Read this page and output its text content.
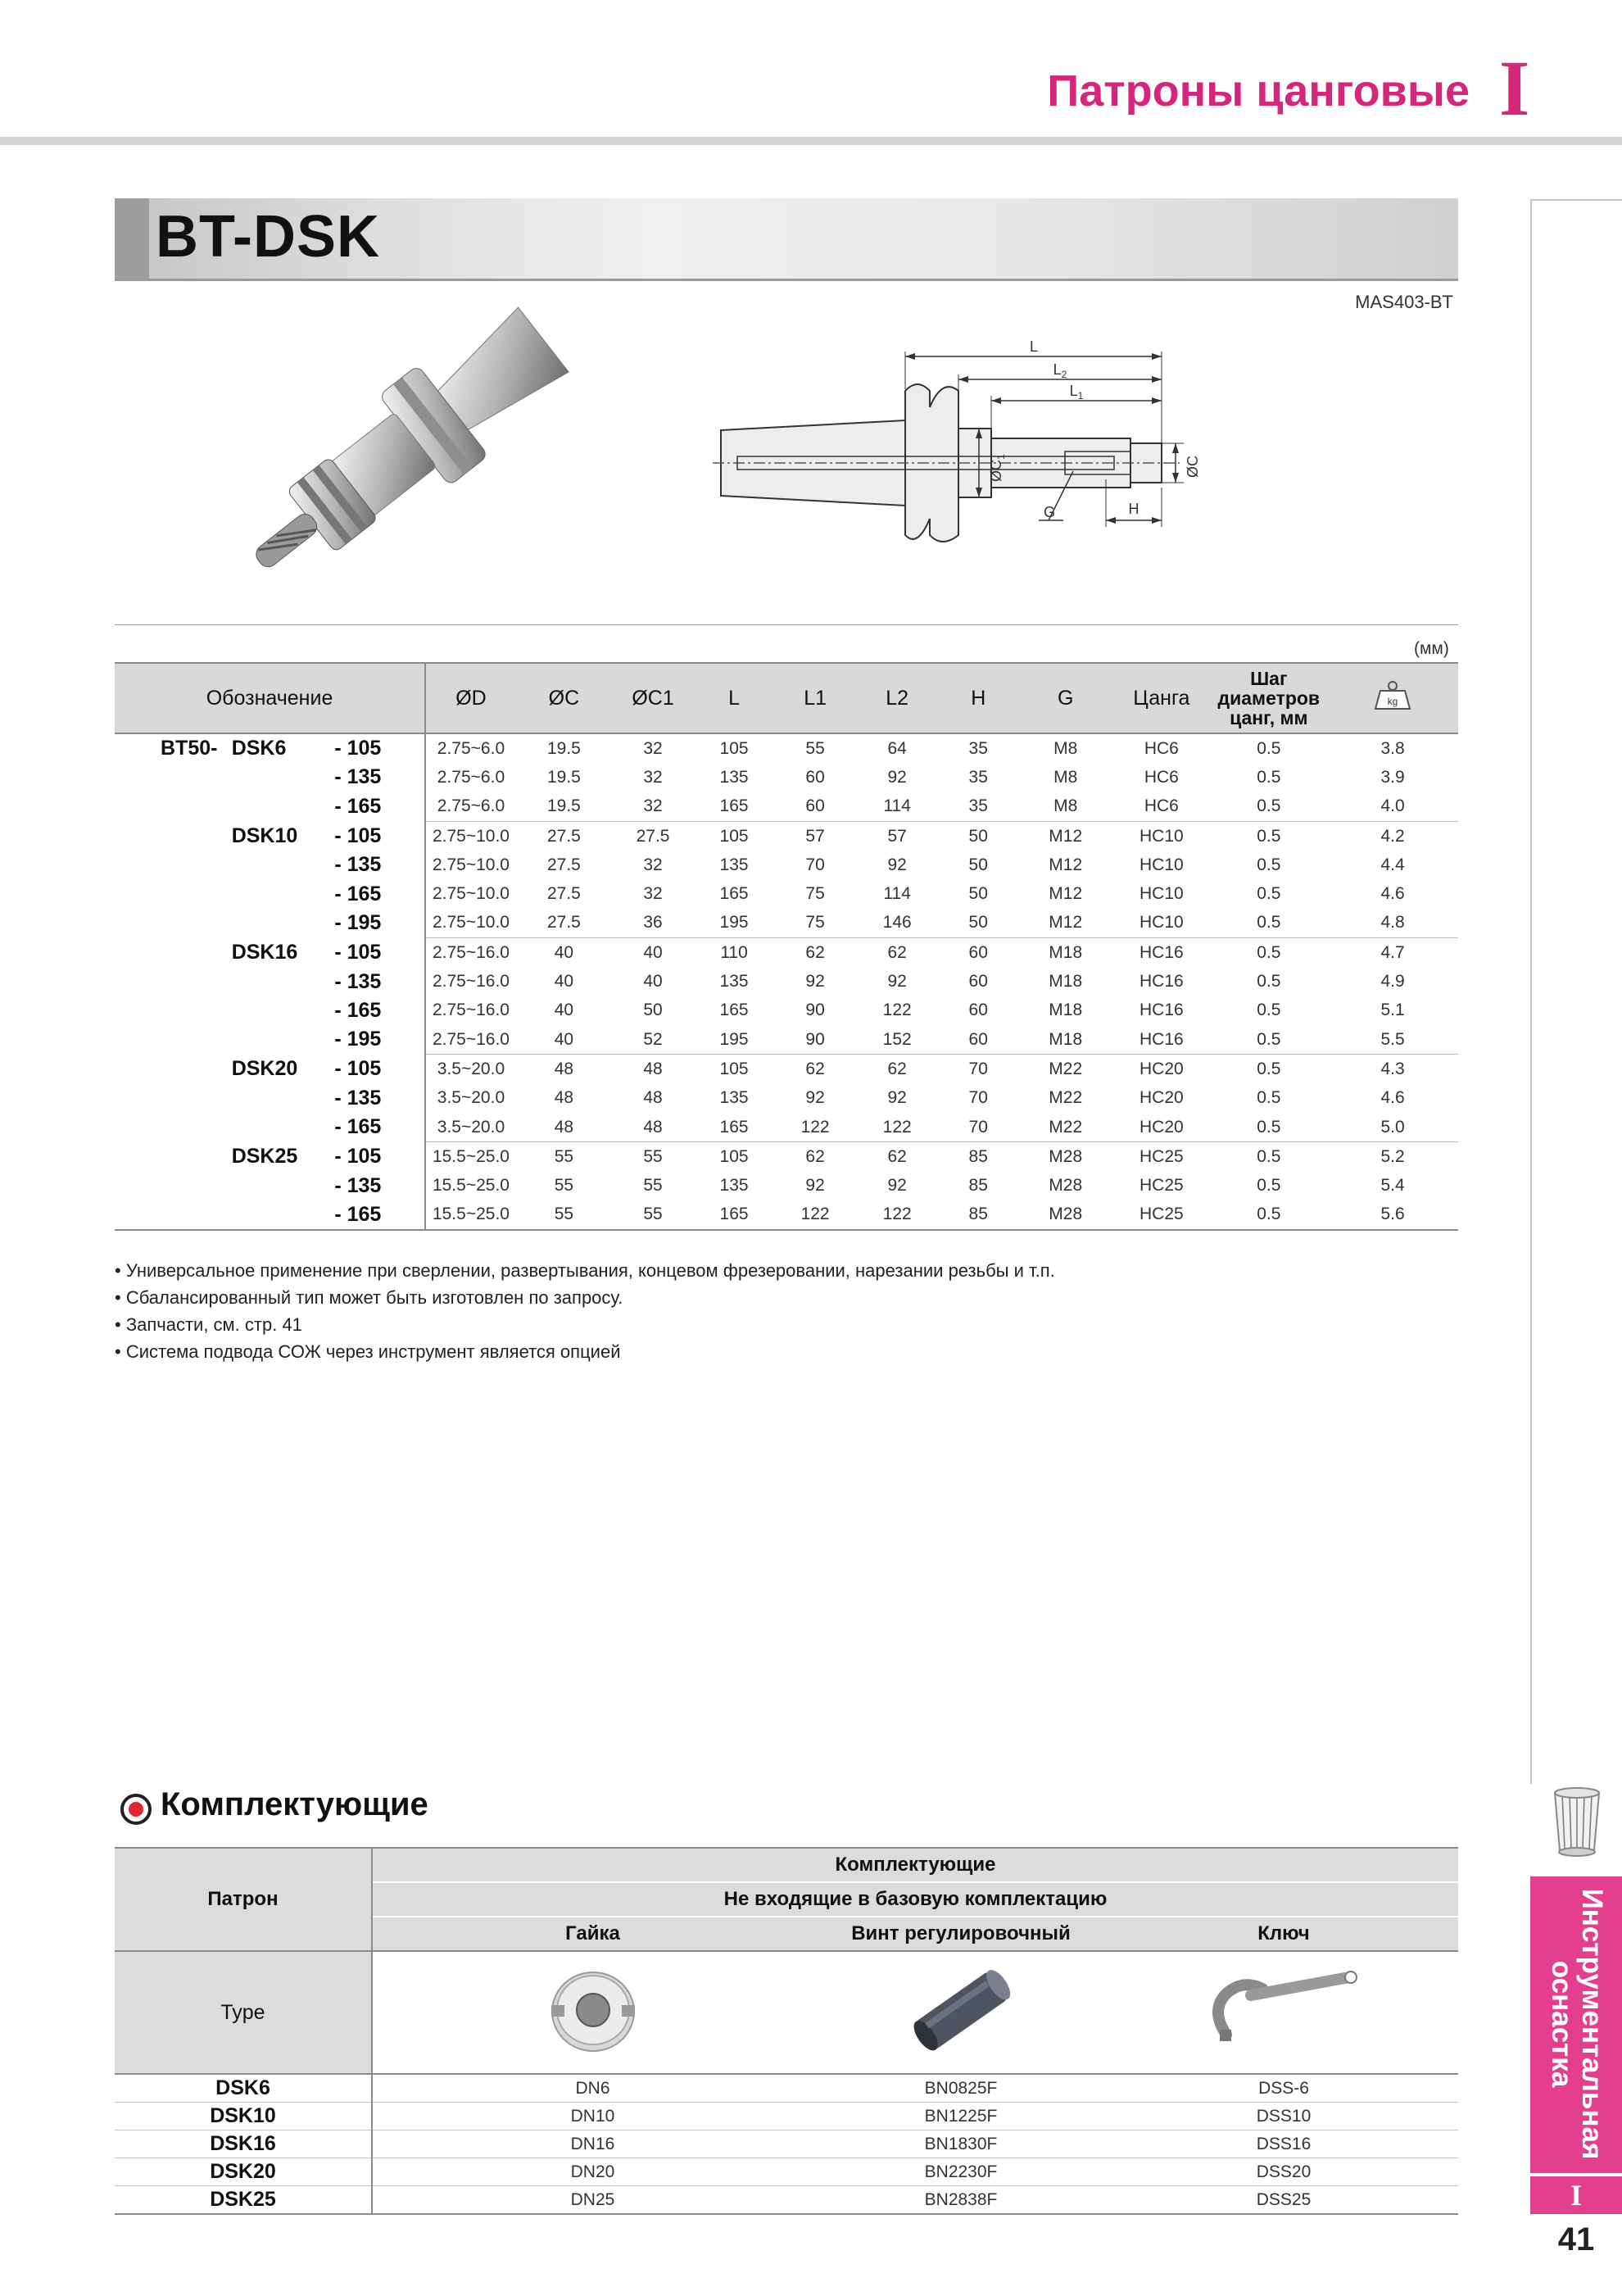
Патроны цанговые I
Инструментальная
оснастка
I
41
BT-DSK
MAS403-BT
L
$L_2$
$L_1$
$ØC_1$	ØC
G	H
(мм)
Обозначение			ØD	ØC	ØC1	L	L1	L2	H	G	Цанга	Шаг
диаметров
цанг, мм	kg

BT50-	DSK6	- 105	2.75~6.0	19.5	32	105	55	64	35	M8	HC6	0.5	3.8
		- 135	2.75~6.0	19.5	32	135	60	92	35	M8	HC6	0.5	3.9
		- 165	2.75~6.0	19.5	32	165	60	114	35	M8	HC6	0.5	4.0
	DSK10	- 105	2.75~10.0	27.5	27.5	105	57	57	50	M12	HC10	0.5	4.2
		- 135	2.75~10.0	27.5	32	135	70	92	50	M12	HC10	0.5	4.4
		- 165	2.75~10.0	27.5	32	165	75	114	50	M12	HC10	0.5	4.6
		- 195	2.75~10.0	27.5	36	195	75	146	50	M12	HC10	0.5	4.8
	DSK16	- 105	2.75~16.0	40	40	110	62	62	60	M18	HC16	0.5	4.7
		- 135	2.75~16.0	40	40	135	92	92	60	M18	HC16	0.5	4.9
		- 165	2.75~16.0	40	50	165	90	122	60	M18	HC16	0.5	5.1
		- 195	2.75~16.0	40	52	195	90	152	60	M18	HC16	0.5	5.5
	DSK20	- 105	3.5~20.0	48	48	105	62	62	70	M22	HC20	0.5	4.3
		- 135	3.5~20.0	48	48	135	92	92	70	M22	HC20	0.5	4.6
		- 165	3.5~20.0	48	48	165	122	122	70	M22	HC20	0.5	5.0
	DSK25	- 105	15.5~25.0	55	55	105	62	62	85	M28	HC25	0.5	5.2
		- 135	15.5~25.0	55	55	135	92	92	85	M28	HC25	0.5	5.4
		- 165	15.5~25.0	55	55	165	122	122	85	M28	HC25	0.5	5.6
• Универсальное применение при сверлении, развертывания, концевом фрезеровании, нарезании резьбы и т.п.
• Сбалансированный тип может быть изготовлен по запросу.
• Запчасти, см. стр. 41
• Система подвода СОЖ через инструмент является опцией
Комплектующие
Патрон	Комплектующие		
	Не входящие в базовую комплектацию		
	Гайка	Винт регулировочный	Ключ
Type			
DSK6	DN6	BN0825F	DSS-6
DSK10	DN10	BN1225F	DSS10
DSK16	DN16	BN1830F	DSS16
DSK20	DN20	BN2230F	DSS20
DSK25	DN25	BN2838F	DSS25
